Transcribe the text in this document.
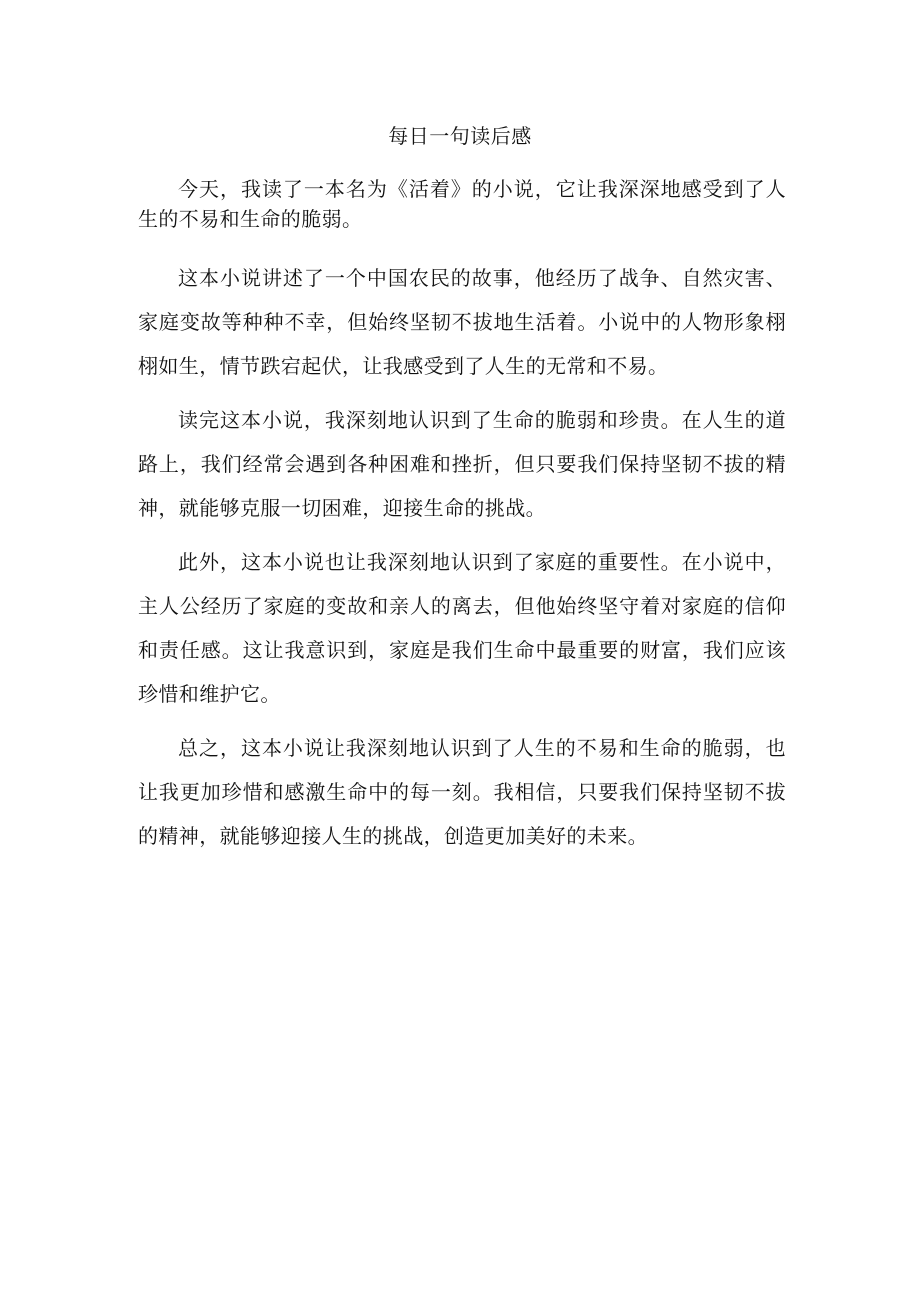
每日一句读后感

今天，我读了一本名为《活着》的小说，它让我深深地感受到了人生的不易和生命的脆弱。

这本小说讲述了一个中国农民的故事，他经历了战争、自然灾害、家庭变故等种种不幸，但始终坚韧不拔地生活着。小说中的人物形象栩栩如生，情节跌宕起伏，让我感受到了人生的无常和不易。

读完这本小说，我深刻地认识到了生命的脆弱和珍贵。在人生的道路上，我们经常会遇到各种困难和挫折，但只要我们保持坚韧不拔的精神，就能够克服一切困难，迎接生命的挑战。

此外，这本小说也让我深刻地认识到了家庭的重要性。在小说中，主人公经历了家庭的变故和亲人的离去，但他始终坚守着对家庭的信仰和责任感。这让我意识到，家庭是我们生命中最重要的财富，我们应该珍惜和维护它。

总之，这本小说让我深刻地认识到了人生的不易和生命的脆弱，也让我更加珍惜和感激生命中的每一刻。我相信，只要我们保持坚韧不拔的精神，就能够迎接人生的挑战，创造更加美好的未来。
